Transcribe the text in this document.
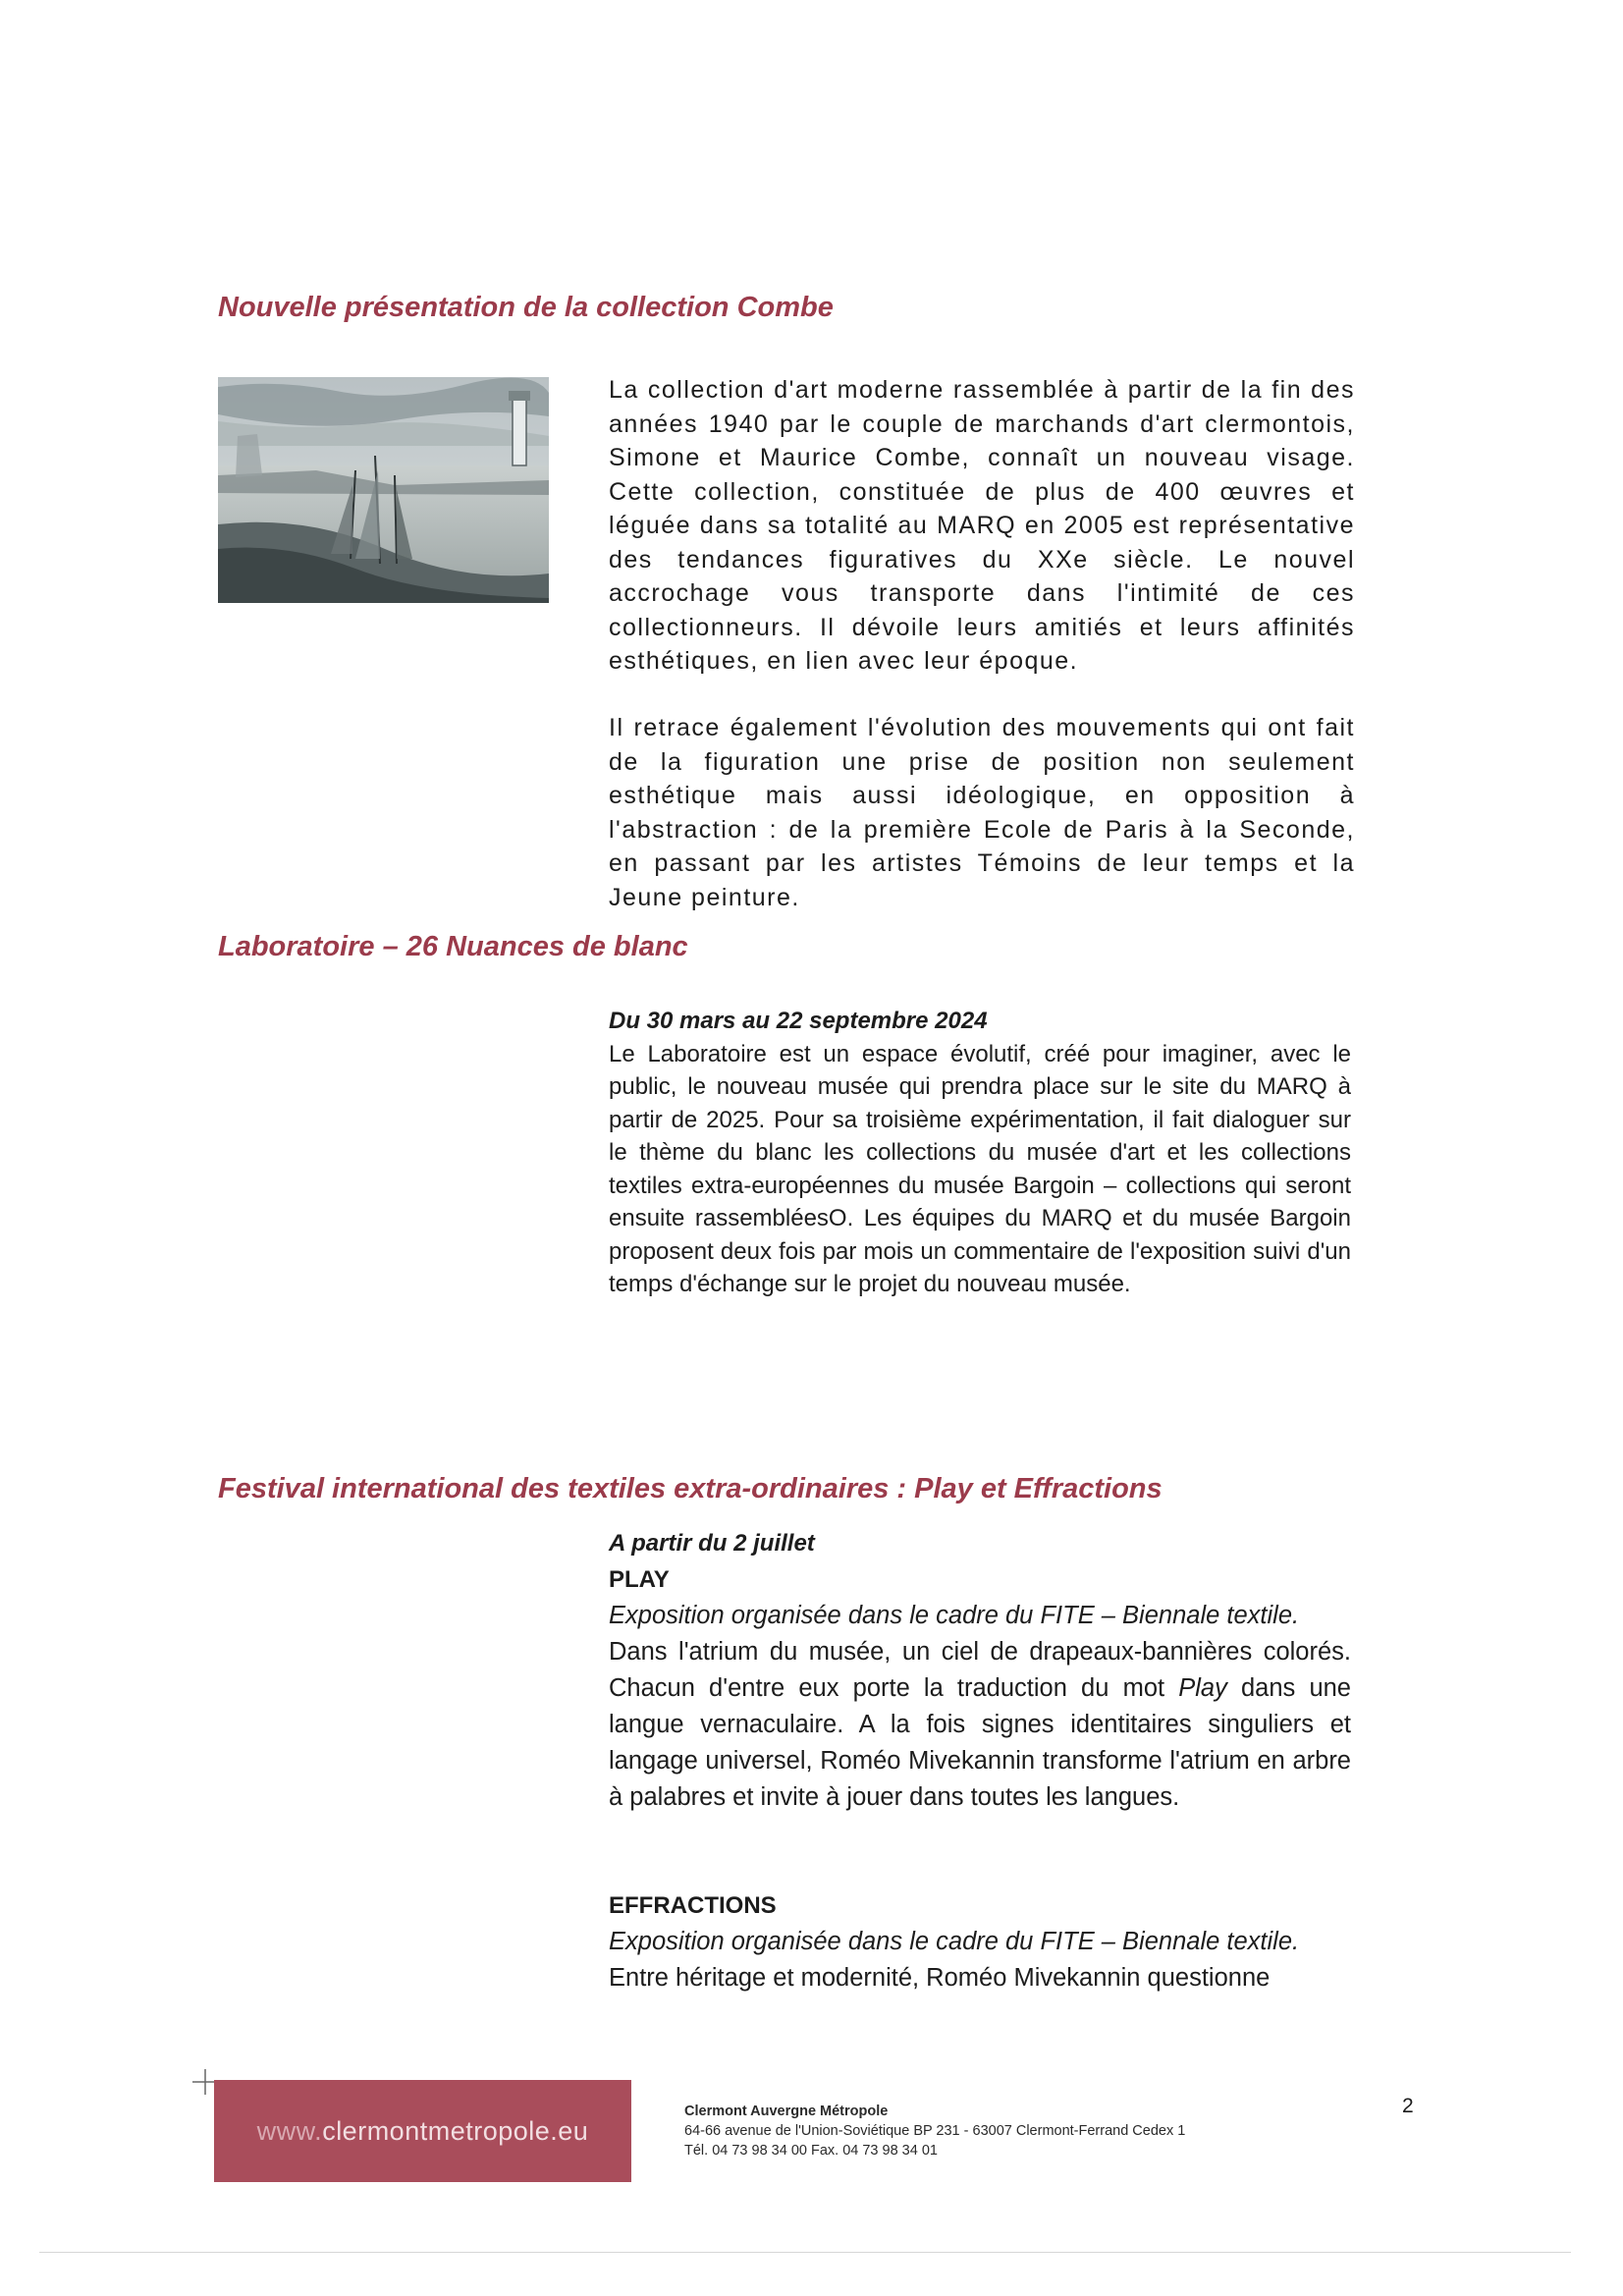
Nouvelle présentation de la collection Combe

La collection d'art moderne rassemblée à partir de la fin des années 1940 par le couple de marchands d'art clermontois, Simone et Maurice Combe, connaît un nouveau visage. Cette collection, constituée de plus de 400 œuvres et léguée dans sa totalité au MARQ en 2005 est représentative des tendances figuratives du XXe siècle. Le nouvel accrochage vous transporte dans l'intimité de ces collectionneurs. Il dévoile leurs amitiés et leurs affinités esthétiques, en lien avec leur époque.

Il retrace également l'évolution des mouvements qui ont fait de la figuration une prise de position non seulement esthétique mais aussi idéologique, en opposition à l'abstraction : de la première Ecole de Paris à la Seconde, en passant par les artistes Témoins de leur temps et la Jeune peinture.

Laboratoire – 26 Nuances de blanc
Du 30 mars au 22 septembre 2024
Le Laboratoire est un espace évolutif, créé pour imaginer, avec le public, le nouveau musée qui prendra place sur le site du MARQ à partir de 2025. Pour sa troisième expérimentation, il fait dialoguer sur le thème du blanc les collections du musée d'art et les collections textiles extra-européennes du musée Bargoin – collections qui seront ensuite rassembléesO. Les équipes du MARQ et du musée Bargoin proposent deux fois par mois un commentaire de l'exposition suivi d'un temps d'échange sur le projet du nouveau musée.
Festival international des textiles extra-ordinaires : Play et Effractions
A partir du 2 juillet
PLAY
Exposition organisée dans le cadre du FITE – Biennale textile.
Dans l'atrium du musée, un ciel de drapeaux-bannières colorés. Chacun d'entre eux porte la traduction du mot Play dans une langue vernaculaire. A la fois signes identitaires singuliers et langage universel, Roméo Mivekannin transforme l'atrium en arbre à palabres et invite à jouer dans toutes les langues.
EFFRACTIONS
Exposition organisée dans le cadre du FITE – Biennale textile.
Entre héritage et modernité, Roméo Mivekannin questionne
www.clermontmetropole.eu
Clermont Auvergne Métropole
64-66 avenue de l'Union-Soviétique BP 231 - 63007 Clermont-Ferrand Cedex 1
Tél. 04 73 98 34 00 Fax. 04 73 98 34 01
2
